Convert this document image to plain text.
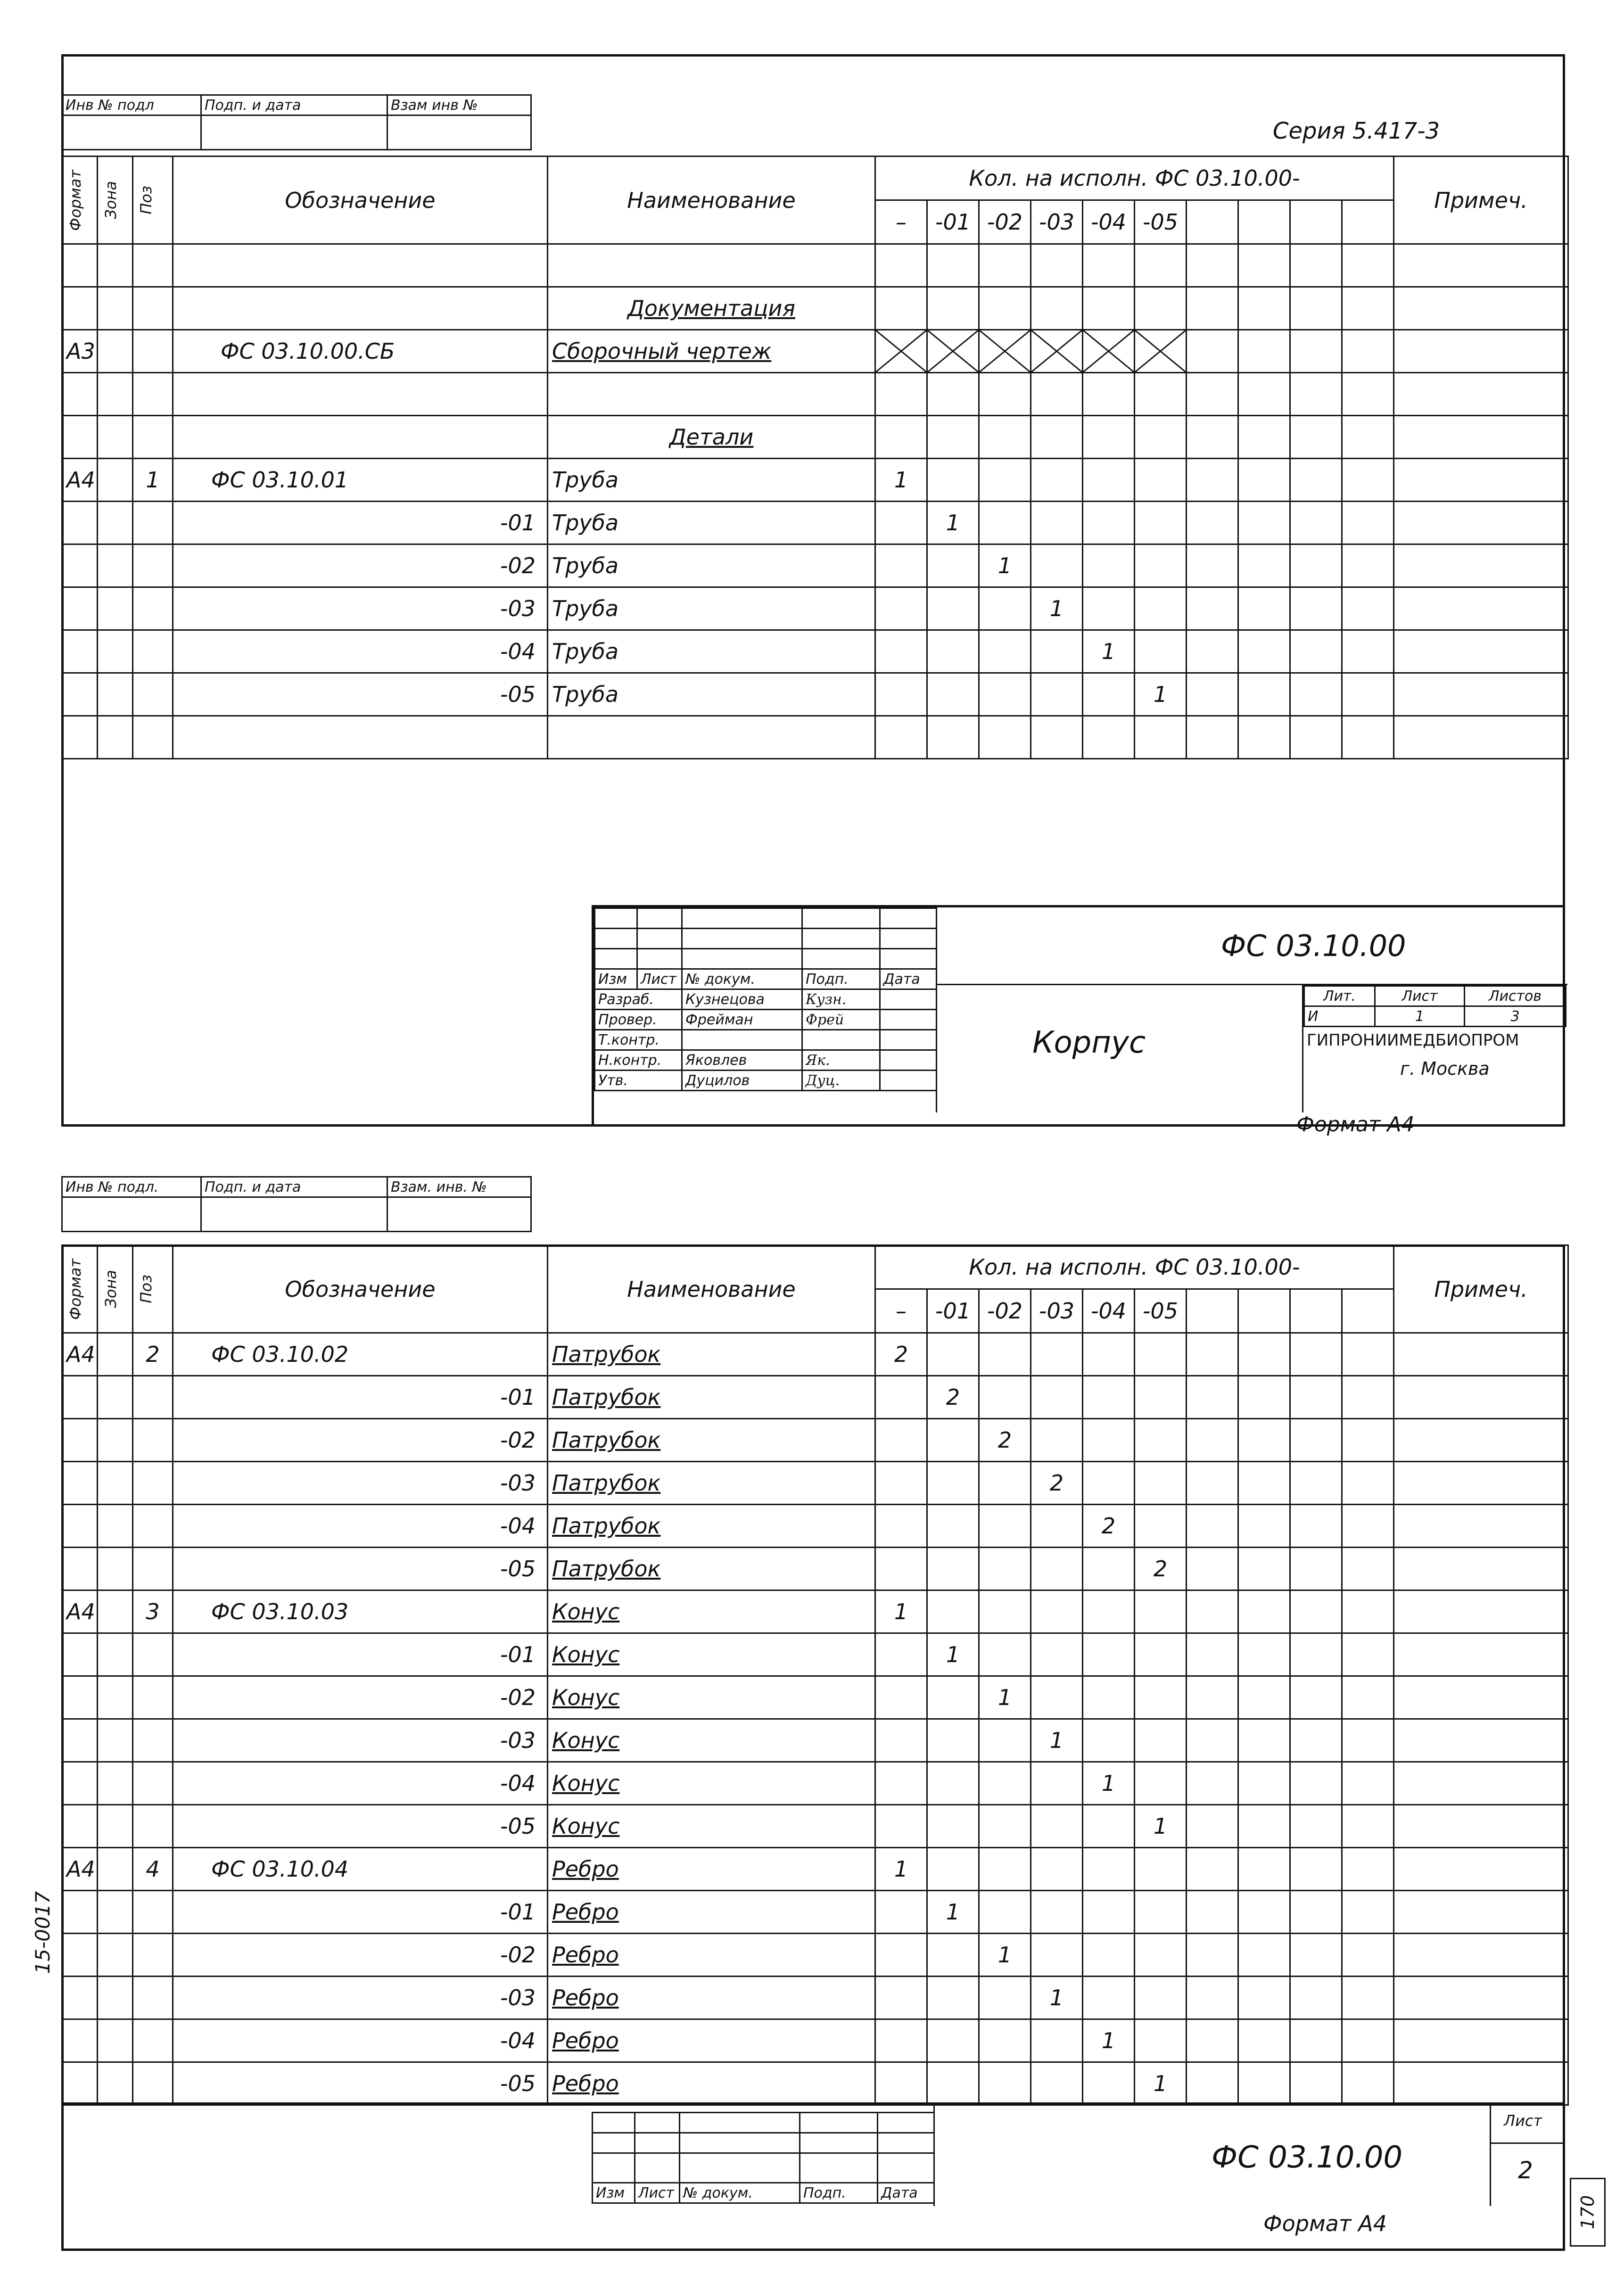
Инв № подл	Подп. и дата	Взам инв №

Серия 5.417-3
Формат	Зона	Поз	Обозначение	Наименование	Кол. на исполн. ФС 03.10.00-										Примеч.
					–	-01	-02	-03	-04	-05					

				Документация											
А3			ФС 03.10.00.СБ	Сборочный чертеж	

				Детали											
А4		1	ФС 03.10.01	Труба	1										
			-01	Труба		1									
			-02	Труба			1								
			-03	Труба				1							
			-04	Труба					1						
			-05	Труба						1					

Изм	Лист	№ докум.	Подп.	Дата
Разраб.		Кузнецова	Кузн.	
Провер.		Фрейман	Фрей	
Т.контр.				
Н.контр.		Яковлев	Як.	
Утв.		Дуцилов	Дуц.	
ФС 03.10.00
Корпус
Лит.	Лист	Листов
И	1	3
ГИПРОНИИМЕДБИОПРОМ
г. Москва
Формат А4
Инв № подл.	Подп. и дата	Взам. инв. №

Формат	Зона	Поз	Обозначение	Наименование	Кол. на исполн. ФС 03.10.00-										Примеч.
					–	-01	-02	-03	-04	-05					
А4		2	ФС 03.10.02	Патрубок	2										
			-01	Патрубок		2									
			-02	Патрубок			2								
			-03	Патрубок				2							
			-04	Патрубок					2						
			-05	Патрубок						2					
А4		3	ФС 03.10.03	Конус	1										
			-01	Конус		1									
			-02	Конус			1								
			-03	Конус				1							
			-04	Конус					1						
			-05	Конус						1					
А4		4	ФС 03.10.04	Ребро	1										
			-01	Ребро		1									
			-02	Ребро			1								
			-03	Ребро				1							
			-04	Ребро					1						
			-05	Ребро						1					

Изм	Лист	№ докум.	Подп.	Дата
ФС 03.10.00
Лист
2
Формат А4
15-0017
170
